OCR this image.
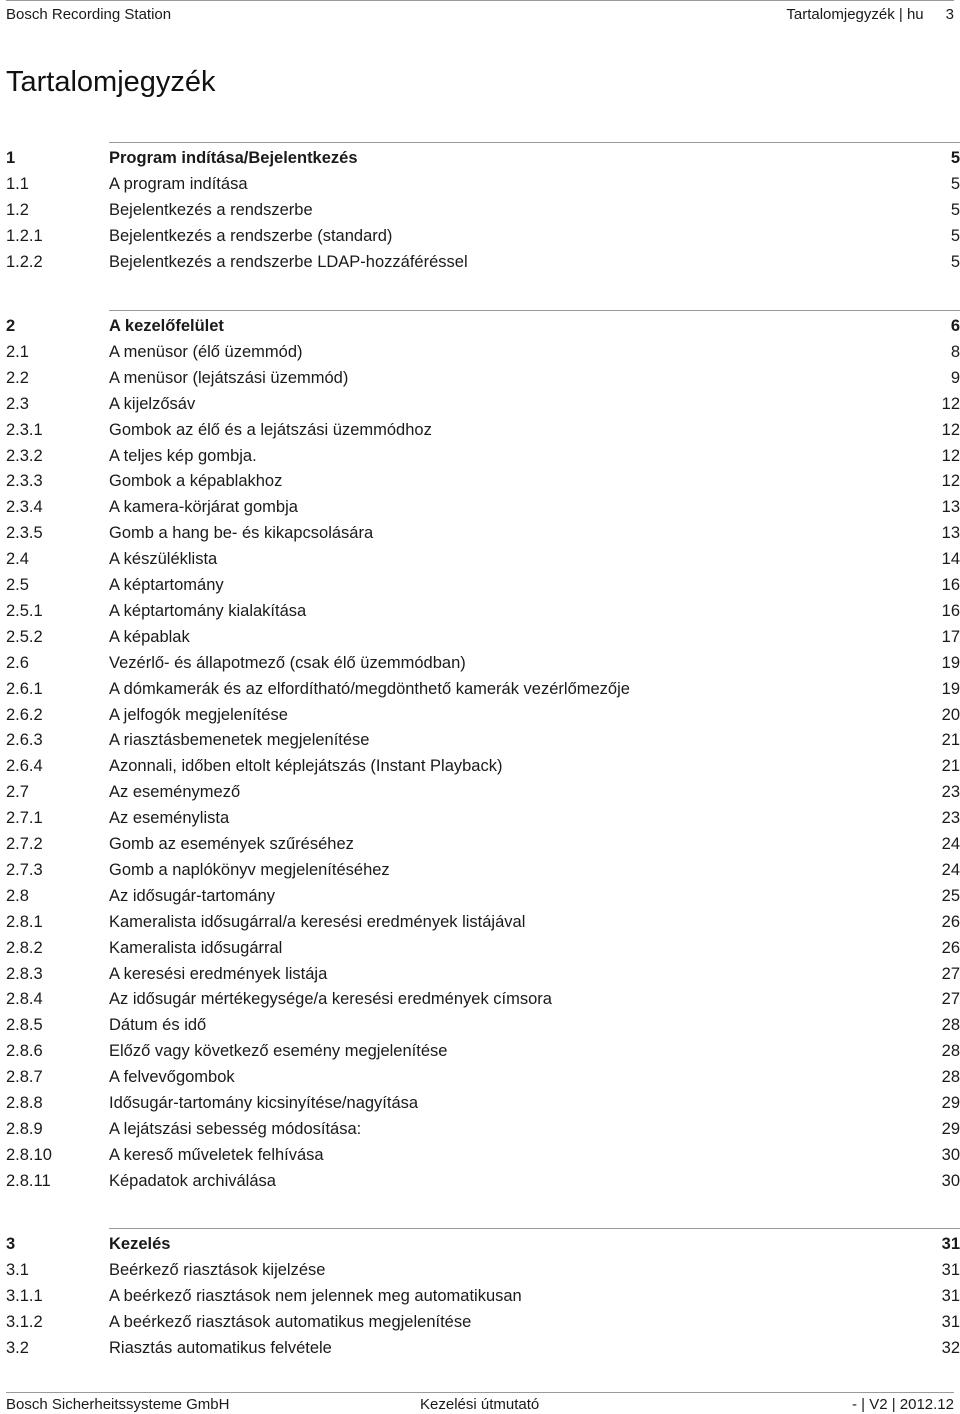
Bosch Recording Station	Tartalomjegyzék | hu 3
Tartalomjegyzék
1	Program indítása/Bejelentkezés	5
1.1	A program indítása	5
1.2	Bejelentkezés a rendszerbe	5
1.2.1	Bejelentkezés a rendszerbe (standard)	5
1.2.2	Bejelentkezés a rendszerbe LDAP-hozzáféréssel	5
2	A kezelőfelület	6
2.1	A menüsor (élő üzemmód)	8
2.2	A menüsor (lejátszási üzemmód)	9
2.3	A kijelzősáv	12
2.3.1	Gombok az élő és a lejátszási üzemmódhoz	12
2.3.2	A teljes kép gombja.	12
2.3.3	Gombok a képablakhoz	12
2.3.4	A kamera-körjárat gombja	13
2.3.5	Gomb a hang be- és kikapcsolására	13
2.4	A készüléklista	14
2.5	A képtartomány	16
2.5.1	A képtartomány kialakítása	16
2.5.2	A képablak	17
2.6	Vezérlő- és állapotmező (csak élő üzemmódban)	19
2.6.1	A dómkamerák és az elfordítható/megdönthető kamerák vezérlőmezője	19
2.6.2	A jelfogók megjelenítése	20
2.6.3	A riasztásbemenetek megjelenítése	21
2.6.4	Azonnali, időben eltolt képlejátszás (Instant Playback)	21
2.7	Az eseménymező	23
2.7.1	Az eseménylista	23
2.7.2	Gomb az események szűréséhez	24
2.7.3	Gomb a naplókönyv megjelenítéséhez	24
2.8	Az idősugár-tartomány	25
2.8.1	Kameralista idősugárral/a keresési eredmények listájával	26
2.8.2	Kameralista idősugárral	26
2.8.3	A keresési eredmények listája	27
2.8.4	Az idősugár mértékegysége/a keresési eredmények címsora	27
2.8.5	Dátum és idő	28
2.8.6	Előző vagy következő esemény megjelenítése	28
2.8.7	A felvevőgombok	28
2.8.8	Idősugár-tartomány kicsinyítése/nagyítása	29
2.8.9	A lejátszási sebesség módosítása:	29
2.8.10	A kereső műveletek felhívása	30
2.8.11	Képadatok archiválása	30
3	Kezelés	31
3.1	Beérkező riasztások kijelzése	31
3.1.1	A beérkező riasztások nem jelennek meg automatikusan	31
3.1.2	A beérkező riasztások automatikus megjelenítése	31
3.2	Riasztás automatikus felvétele	32
Bosch Sicherheitssysteme GmbH	Kezelési útmutató	- | V2 | 2012.12
